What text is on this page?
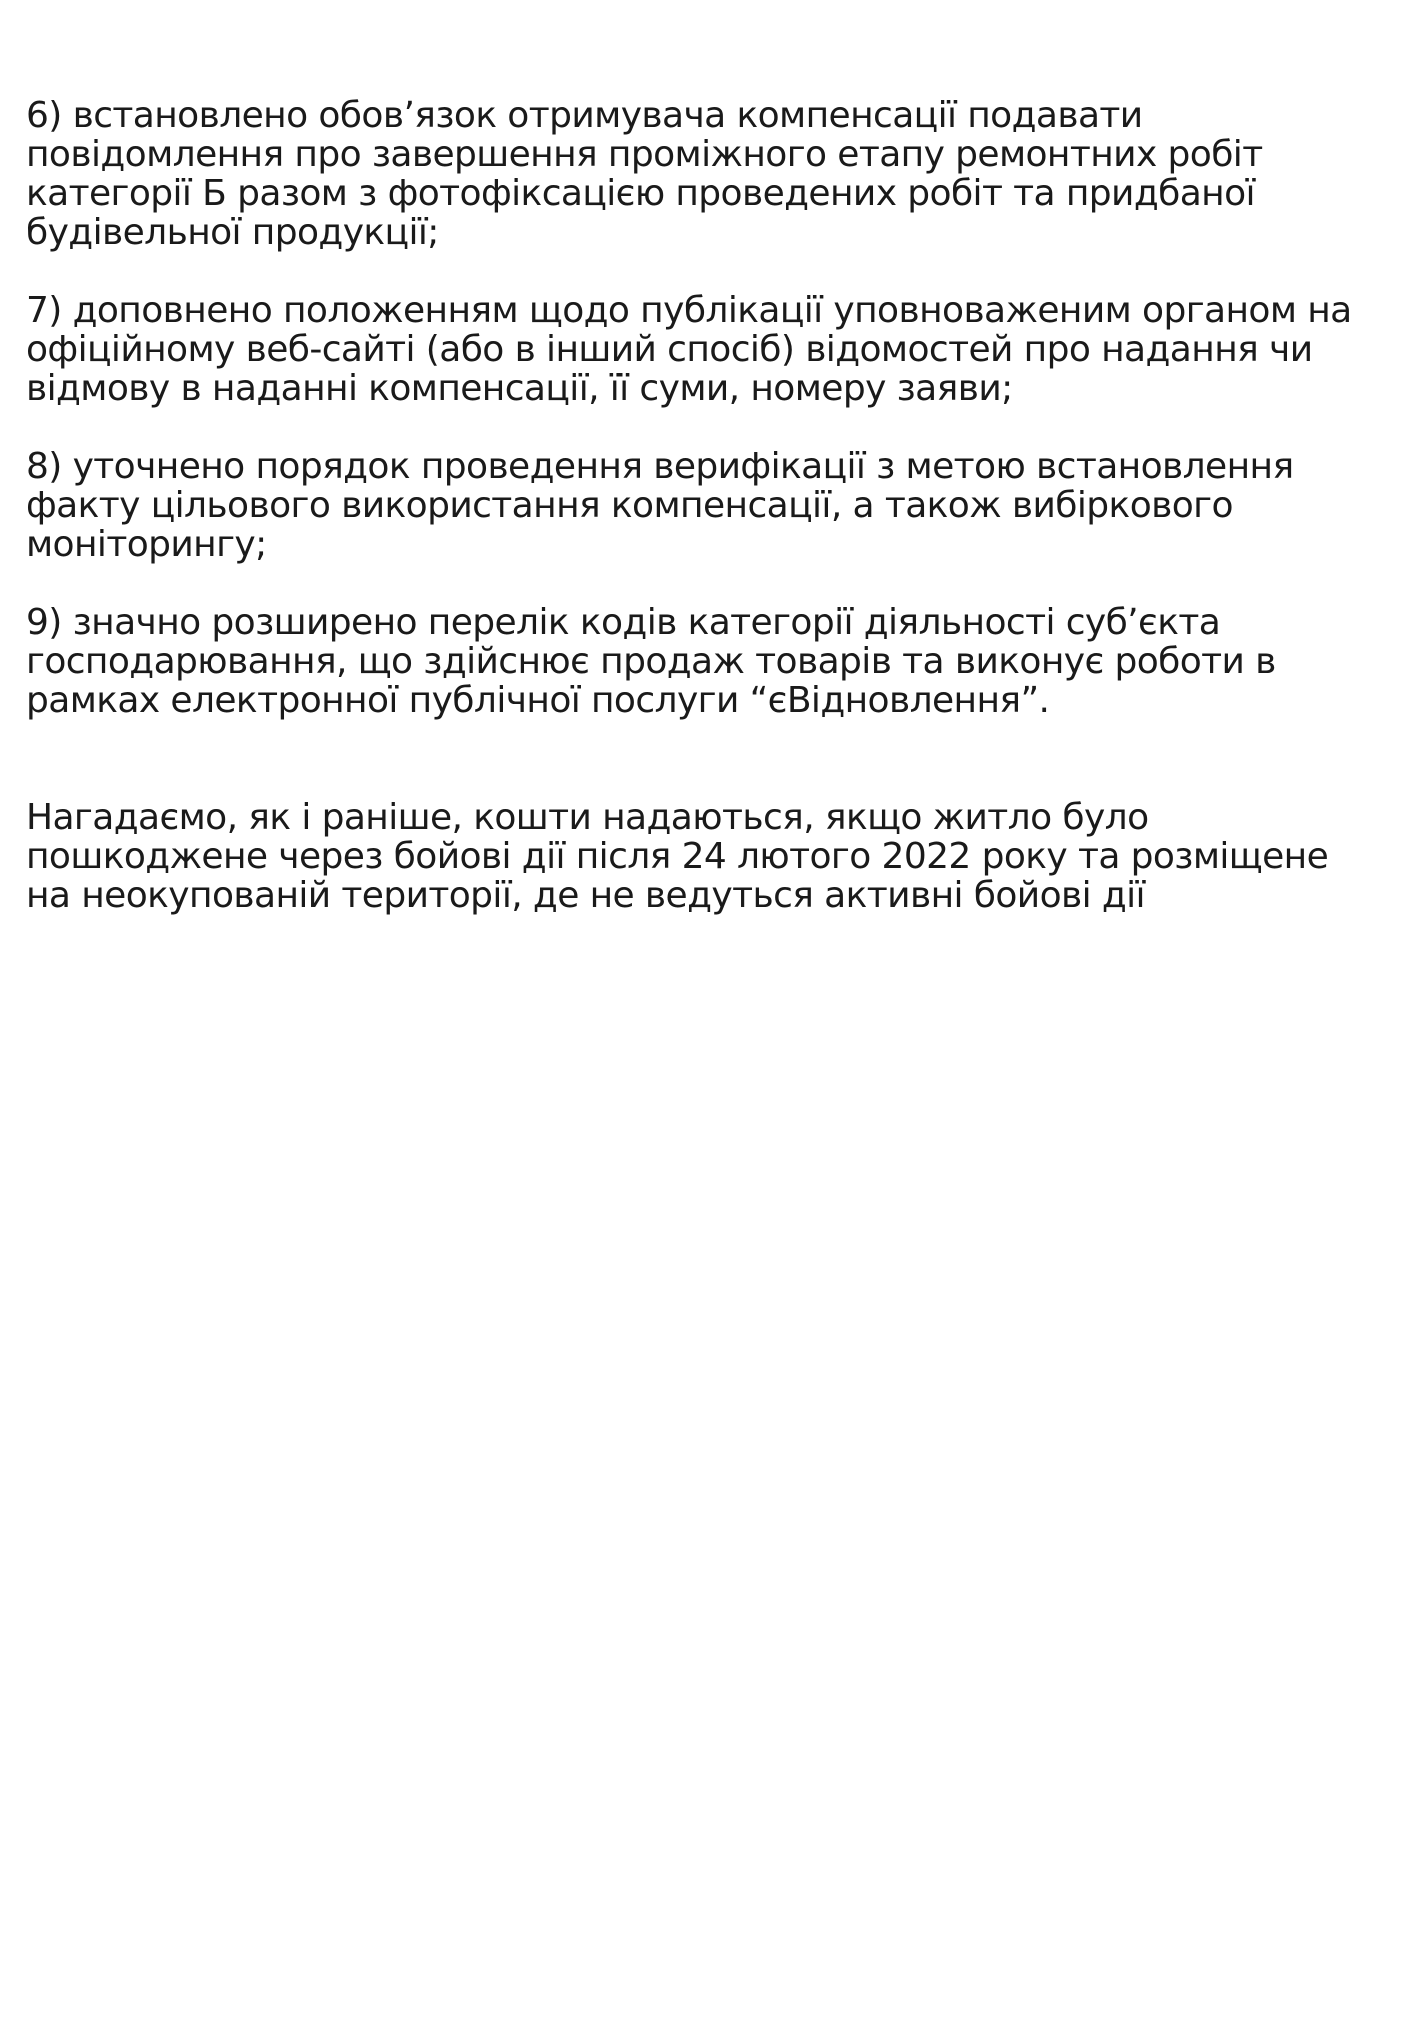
6) встановлено обов’язок отримувача компенсації подавати
повідомлення про завершення проміжного етапу ремонтних робіт
категорії Б разом з фотофіксацією проведених робіт та придбаної
будівельної продукції;

7) доповнено положенням щодо публікації уповноваженим органом на
офіційному веб-сайті (або в інший спосіб) відомостей про надання чи
відмову в наданні компенсації, її суми, номеру заяви;

8) уточнено порядок проведення верифікації з метою встановлення
факту цільового використання компенсації, а також вибіркового
моніторингу;

9) значно розширено перелік кодів категорії діяльності суб’єкта
господарювання, що здійснює продаж товарів та виконує роботи в
рамках електронної публічної послуги “єВідновлення”.

Нагадаємо, як і раніше, кошти надаються, якщо житло було
пошкоджене через бойові дії після 24 лютого 2022 року та розміщене
на неокупованій території, де не ведуться активні бойові дії
